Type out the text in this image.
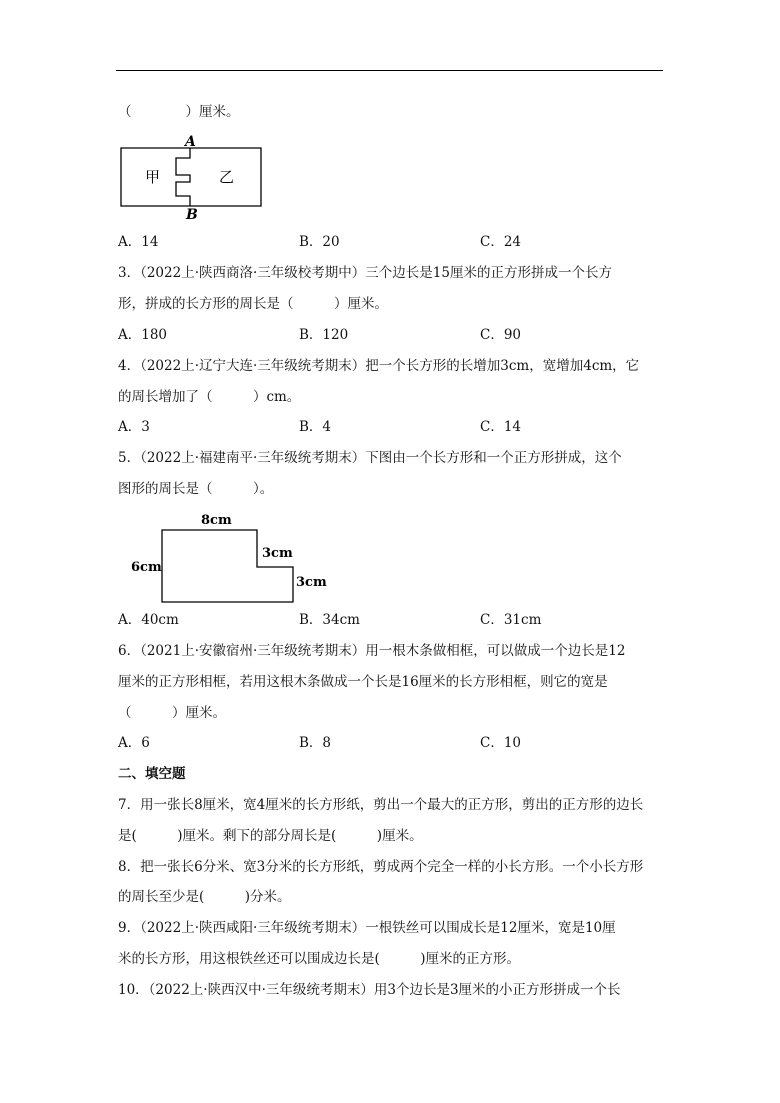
（　　　　）厘米。
A
B
甲	乙
A．14	B．20	C．24
3．（2022上·陕西商洛·三年级校考期中）三个边长是15厘米的正方形拼成一个长方
形，拼成的长方形的周长是（　　　）厘米。
A．180	B．120	C．90
4．（2022上·辽宁大连·三年级统考期末）把一个长方形的长增加3cm，宽增加4cm，它
的周长增加了（　　　）cm。
A．3	B．4	C．14
5．（2022上·福建南平·三年级统考期末）下图由一个长方形和一个正方形拼成，这个
图形的周长是（　　　）。
8cm
6cm
3cm
3cm
A．40cm	B．34cm	C．31cm
6．（2021上·安徽宿州·三年级统考期末）用一根木条做相框，可以做成一个边长是12
厘米的正方形相框，若用这根木条做成一个长是16厘米的长方形相框，则它的宽是
（　　　）厘米。
A．6	B．8	C．10
二、填空题
7．用一张长8厘米，宽4厘米的长方形纸，剪出一个最大的正方形，剪出的正方形的边长
是(　　　)厘米。剩下的部分周长是(　　　)厘米。
8．把一张长6分米、宽3分米的长方形纸，剪成两个完全一样的小长方形。一个小长方形
的周长至少是(　　　)分米。
9．（2022上·陕西咸阳·三年级统考期末）一根铁丝可以围成长是12厘米，宽是10厘
米的长方形，用这根铁丝还可以围成边长是(　　　)厘米的正方形。
10．（2022上·陕西汉中·三年级统考期末）用3个边长是3厘米的小正方形拼成一个长
